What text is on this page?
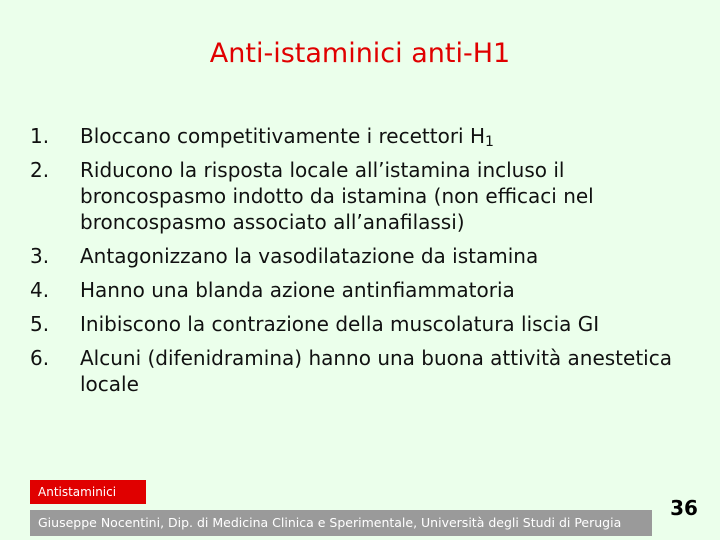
Anti-istaminici anti-H1
1.	Bloccano competitivamente i recettori $H_1$
2.	Riducono la risposta locale all’istamina incluso il broncospasmo indotto da istamina (non efficaci nel broncospasmo associato all’anafilassi)
3.	Antagonizzano la vasodilatazione da istamina
4.	Hanno una blanda azione antinfiammatoria
5.	Inibiscono la contrazione della muscolatura liscia GI
6.	Alcuni (difenidramina) hanno una buona attività anestetica locale
Antistaminici
Giuseppe Nocentini, Dip. di Medicina Clinica e Sperimentale, Università degli Studi di Perugia
36
